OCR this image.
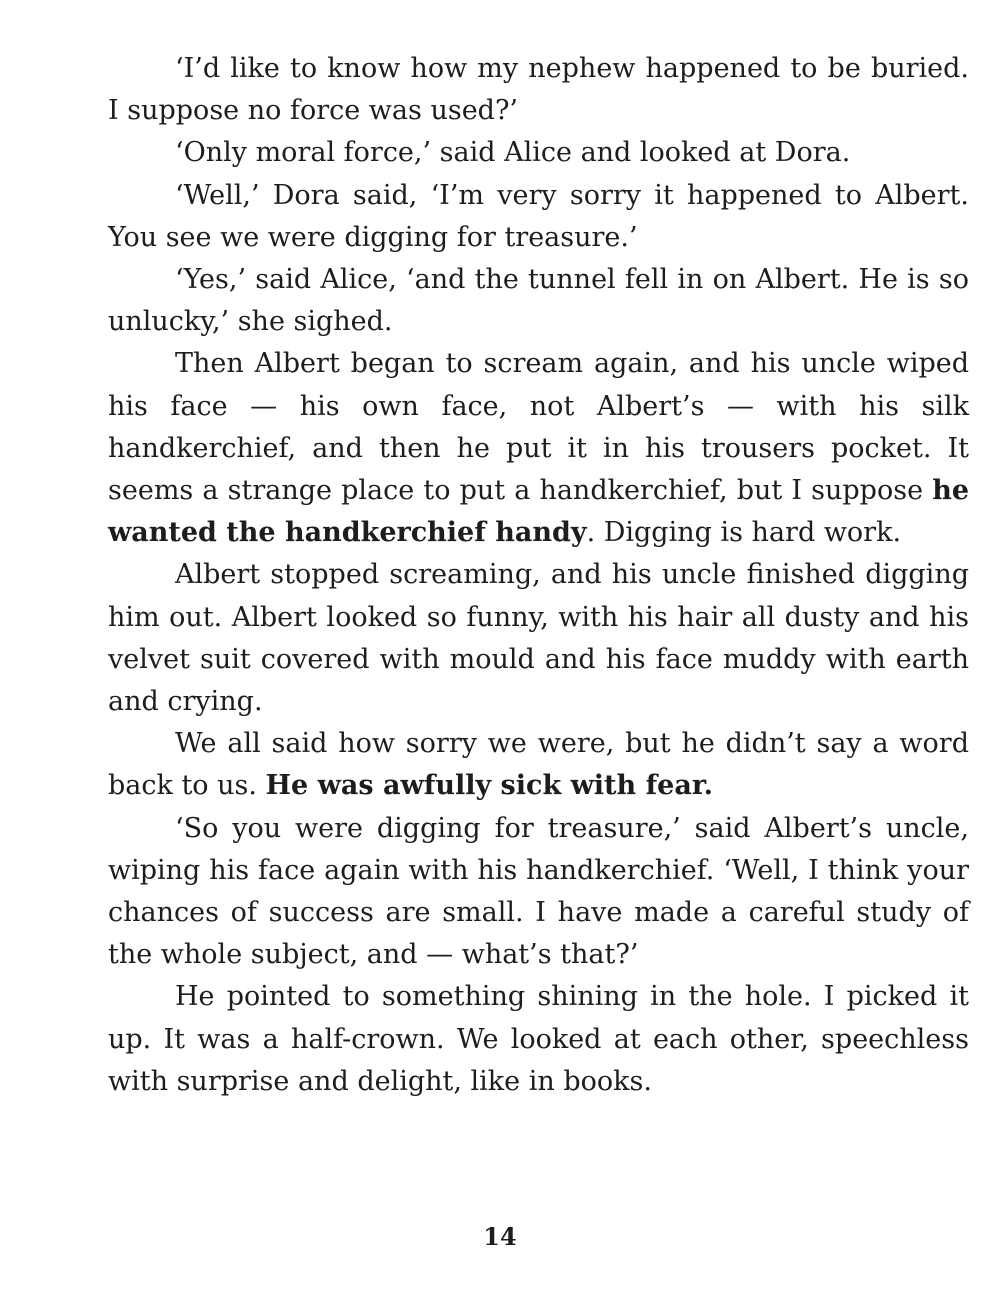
‘I’d like to know how my nephew happened to be buried. I suppose no force was used?’

‘Only moral force,’ said Alice and looked at Dora.

‘Well,’ Dora said, ‘I’m very sorry it happened to Albert. You see we were digging for treasure.’

‘Yes,’ said Alice, ‘and the tunnel fell in on Albert. He is so unlucky,’ she sighed.

Then Albert began to scream again, and his uncle wiped his face — his own face, not Albert’s — with his silk handkerchief, and then he put it in his trousers pocket. It seems a strange place to put a handkerchief, but I suppose he wanted the handkerchief handy. Digging is hard work.

Albert stopped screaming, and his uncle finished digging him out. Albert looked so funny, with his hair all dusty and his velvet suit covered with mould and his face muddy with earth and crying.

We all said how sorry we were, but he didn’t say a word back to us. He was awfully sick with fear.

‘So you were digging for treasure,’ said Albert’s uncle, wiping his face again with his handkerchief. ‘Well, I think your chances of success are small. I have made a careful study of the whole subject, and — what’s that?’

He pointed to something shining in the hole. I picked it up. It was a half-crown. We looked at each other, speechless with surprise and delight, like in books.

14
